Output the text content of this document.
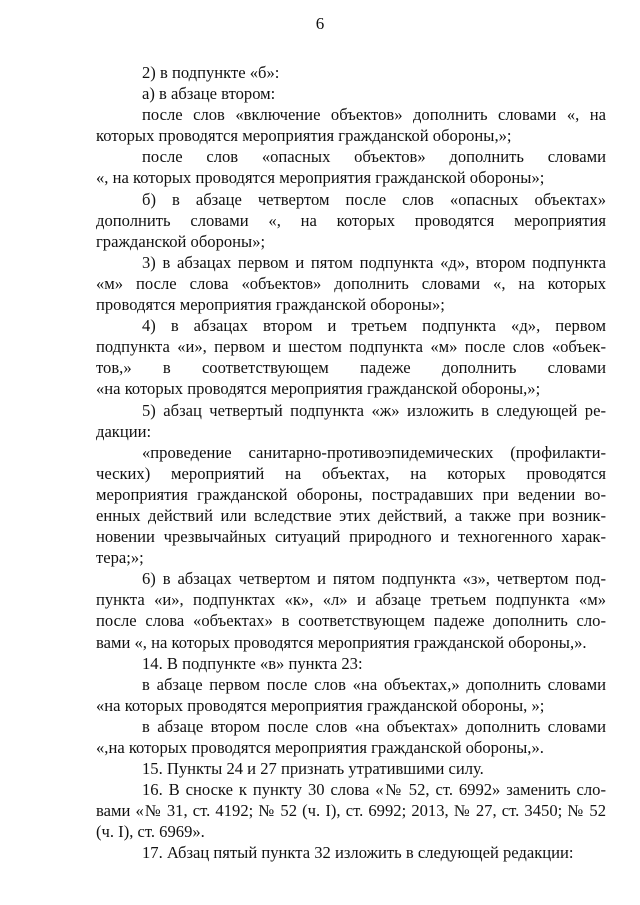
6
2) в подпункте «б»:
а) в абзаце втором:
после слов «включение объектов» дополнить словами «, на
которых проводятся мероприятия гражданской обороны,»;
после слов «опасных объектов» дополнить словами
«, на которых проводятся мероприятия гражданской обороны»;
б) в абзаце четвертом после слов «опасных объектах»
дополнить словами «, на которых проводятся мероприятия
гражданской обороны»;
3) в абзацах первом и пятом подпункта «д», втором подпункта
«м» после слова «объектов» дополнить словами «, на которых
проводятся мероприятия гражданской обороны»;
4) в абзацах втором и третьем подпункта «д», первом
подпункта «и», первом и шестом подпункта «м» после слов «объек-
тов,» в соответствующем падеже дополнить словами
«на которых проводятся мероприятия гражданской обороны,»;
5) абзац четвертый подпункта «ж» изложить в следующей ре-
дакции:
«проведение санитарно-противоэпидемических (профилакти-
ческих) мероприятий на объектах, на которых проводятся
мероприятия гражданской обороны, пострадавших при ведении во-
енных действий или вследствие этих действий, а также при возник-
новении чрезвычайных ситуаций природного и техногенного харак-
тера;»;
6) в абзацах четвертом и пятом подпункта «з», четвертом под-
пункта «и», подпунктах «к», «л» и абзаце третьем подпункта «м»
после слова «объектах» в соответствующем падеже дополнить сло-
вами «, на которых проводятся мероприятия гражданской обороны,».
14. В подпункте «в» пункта 23:
в абзаце первом после слов «на объектах,» дополнить словами
«на которых проводятся мероприятия гражданской обороны, »;
в абзаце втором после слов «на объектах» дополнить словами
«,на которых проводятся мероприятия гражданской обороны,».
15. Пункты 24 и 27 признать утратившими силу.
16. В сноске к пункту 30 слова «№ 52, ст. 6992» заменить сло-
вами «№ 31, ст. 4192; № 52 (ч. I), ст. 6992; 2013, № 27, ст. 3450; № 52
(ч. I), ст. 6969».
17. Абзац пятый пункта 32 изложить в следующей редакции:
